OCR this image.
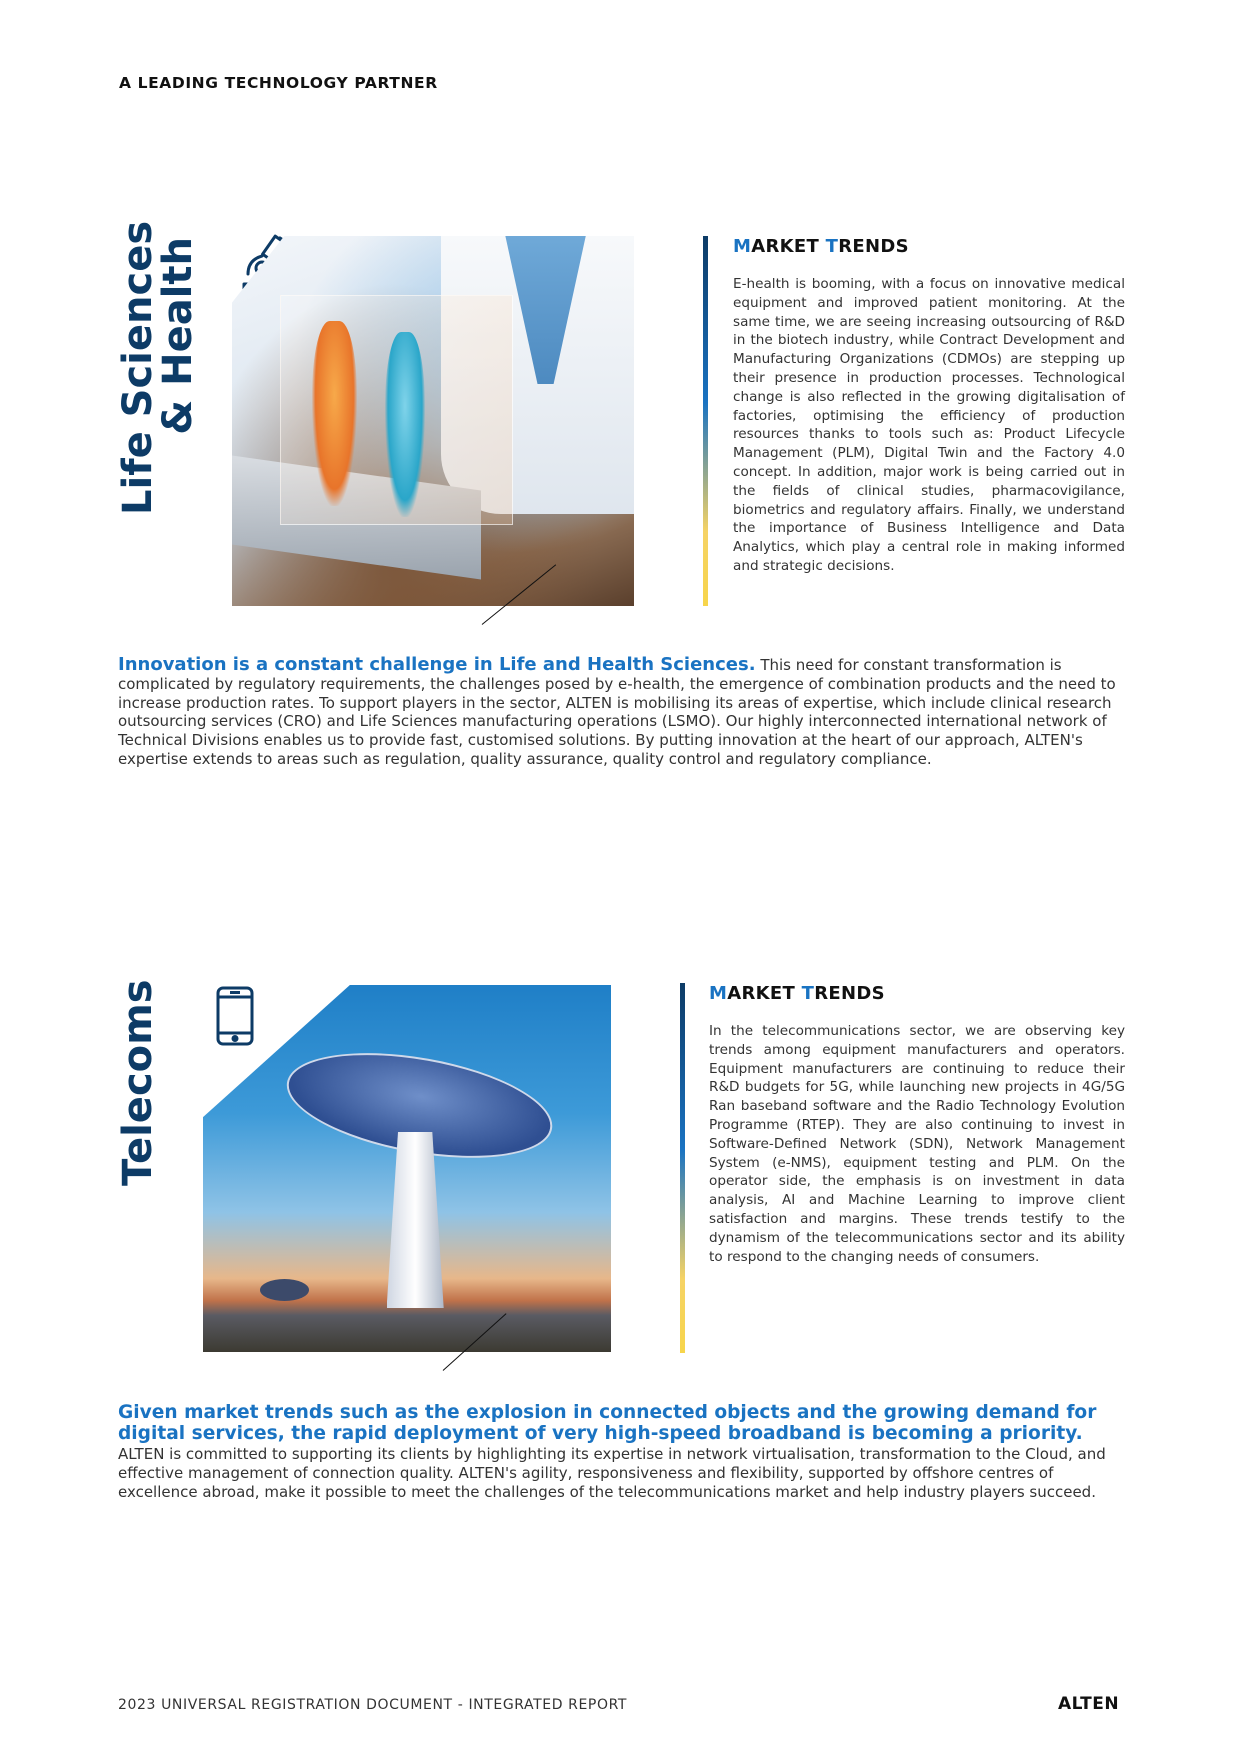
A LEADING TECHNOLOGY PARTNER
Life Sciences
& Health	MARKET TRENDS
E-health is booming, with a focus on innovative medical equipment and improved patient monitoring. At the same time, we are seeing increasing outsourcing of R&D in the biotech industry, while Contract Development and Manufacturing Organizations (CDMOs) are stepping up their presence in production processes. Technological change is also reflected in the growing digitalisation of factories, optimising the efficiency of production resources thanks to tools such as: Product Lifecycle Management (PLM), Digital Twin and the Factory 4.0 concept. In addition, major work is being carried out in the fields of clinical studies, pharmacovigilance, biometrics and regulatory affairs. Finally, we understand the importance of Business Intelligence and Data Analytics, which play a central role in making informed and strategic decisions.
Innovation is a constant challenge in Life and Health Sciences. This need for constant transformation is complicated by regulatory requirements, the challenges posed by e-health, the emergence of combination products and the need to increase production rates. To support players in the sector, ALTEN is mobilising its areas of expertise, which include clinical research outsourcing services (CRO) and Life Sciences manufacturing operations (LSMO). Our highly interconnected international network of Technical Divisions enables us to provide fast, customised solutions. By putting innovation at the heart of our approach, ALTEN's expertise extends to areas such as regulation, quality assurance, quality control and regulatory compliance.
Telecoms	MARKET TRENDS
In the telecommunications sector, we are observing key trends among equipment manufacturers and operators. Equipment manufacturers are continuing to reduce their R&D budgets for 5G, while launching new projects in 4G/5G Ran baseband software and the Radio Technology Evolution Programme (RTEP). They are also continuing to invest in Software-Defined Network (SDN), Network Management System (e-NMS), equipment testing and PLM. On the operator side, the emphasis is on investment in data analysis, AI and Machine Learning to improve client satisfaction and margins. These trends testify to the dynamism of the telecommunications sector and its ability to respond to the changing needs of consumers.
Given market trends such as the explosion in connected objects and the growing demand for digital services, the rapid deployment of very high-speed broadband is becoming a priority.
ALTEN is committed to supporting its clients by highlighting its expertise in network virtualisation, transformation to the Cloud, and effective management of connection quality. ALTEN's agility, responsiveness and flexibility, supported by offshore centres of excellence abroad, make it possible to meet the challenges of the telecommunications market and help industry players succeed.
2023 UNIVERSAL REGISTRATION DOCUMENT - INTEGRATED REPORT	ALTEN
